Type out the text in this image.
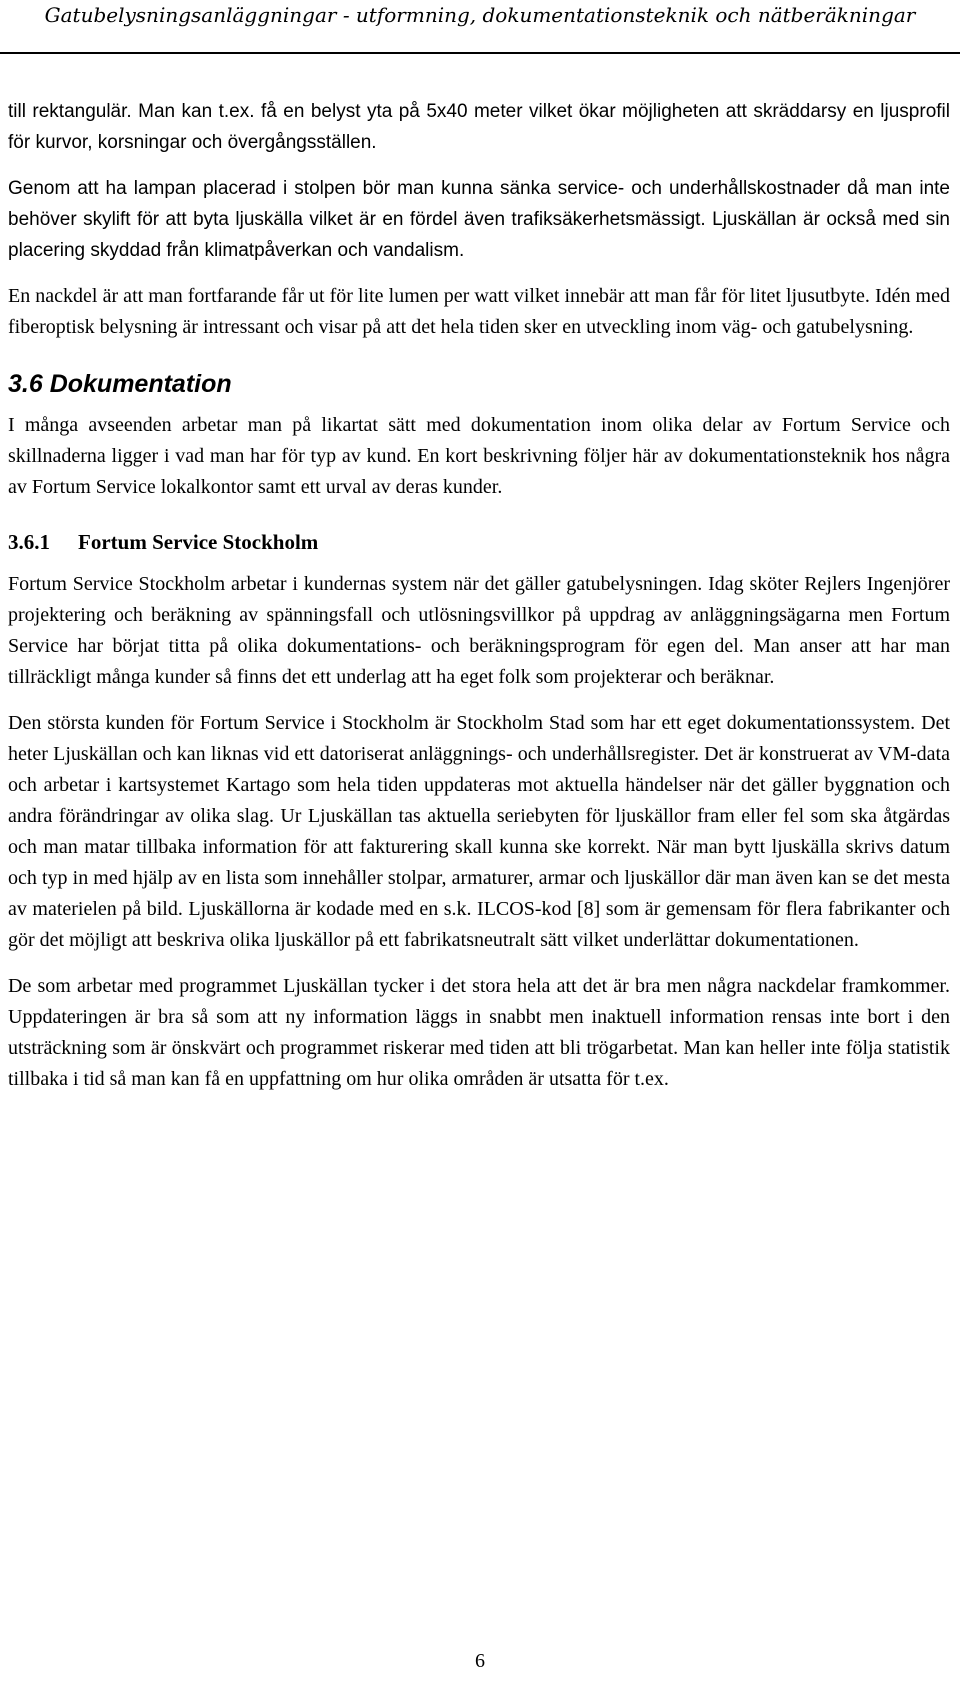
Gatubelysningsanläggningar - utformning, dokumentationsteknik och nätberäkningar

till rektangulär. Man kan t.ex. få en belyst yta på 5x40 meter vilket ökar möjligheten att skräddarsy en ljusprofil för kurvor, korsningar och övergångsställen.

Genom att ha lampan placerad i stolpen bör man kunna sänka service- och underhållskostnader då man inte behöver skylift för att byta ljuskälla vilket är en fördel även trafiksäkerhetsmässigt. Ljuskällan är också med sin placering skyddad från klimatpåverkan och vandalism.

En nackdel är att man fortfarande får ut för lite lumen per watt vilket innebär att man får för litet ljusutbyte. Idén med fiberoptisk belysning är intressant och visar på att det hela tiden sker en utveckling inom väg- och gatubelysning.

3.6 Dokumentation

I många avseenden arbetar man på likartat sätt med dokumentation inom olika delar av Fortum Service och skillnaderna ligger i vad man har för typ av kund. En kort beskrivning följer här av dokumentationsteknik hos några av Fortum Service lokalkontor samt ett urval av deras kunder.

3.6.1 Fortum Service Stockholm

Fortum Service Stockholm arbetar i kundernas system när det gäller gatubelysningen. Idag sköter Rejlers Ingenjörer projektering och beräkning av spänningsfall och utlösningsvillkor på uppdrag av anläggningsägarna men Fortum Service har börjat titta på olika dokumentations- och beräkningsprogram för egen del. Man anser att har man tillräckligt många kunder så finns det ett underlag att ha eget folk som projekterar och beräknar.

Den största kunden för Fortum Service i Stockholm är Stockholm Stad som har ett eget dokumentationssystem. Det heter Ljuskällan och kan liknas vid ett datoriserat anläggnings- och underhållsregister. Det är konstruerat av VM-data och arbetar i kartsystemet Kartago som hela tiden uppdateras mot aktuella händelser när det gäller byggnation och andra förändringar av olika slag. Ur Ljuskällan tas aktuella seriebyten för ljuskällor fram eller fel som ska åtgärdas och man matar tillbaka information för att fakturering skall kunna ske korrekt. När man bytt ljuskälla skrivs datum och typ in med hjälp av en lista som innehåller stolpar, armaturer, armar och ljuskällor där man även kan se det mesta av materielen på bild. Ljuskällorna är kodade med en s.k. ILCOS-kod [8] som är gemensam för flera fabrikanter och gör det möjligt att beskriva olika ljuskällor på ett fabrikatsneutralt sätt vilket underlättar dokumentationen.

De som arbetar med programmet Ljuskällan tycker i det stora hela att det är bra men några nackdelar framkommer. Uppdateringen är bra så som att ny information läggs in snabbt men inaktuell information rensas inte bort i den utsträckning som är önskvärt och programmet riskerar med tiden att bli trögarbetat. Man kan heller inte följa statistik tillbaka i tid så man kan få en uppfattning om hur olika områden är utsatta för t.ex.

6
